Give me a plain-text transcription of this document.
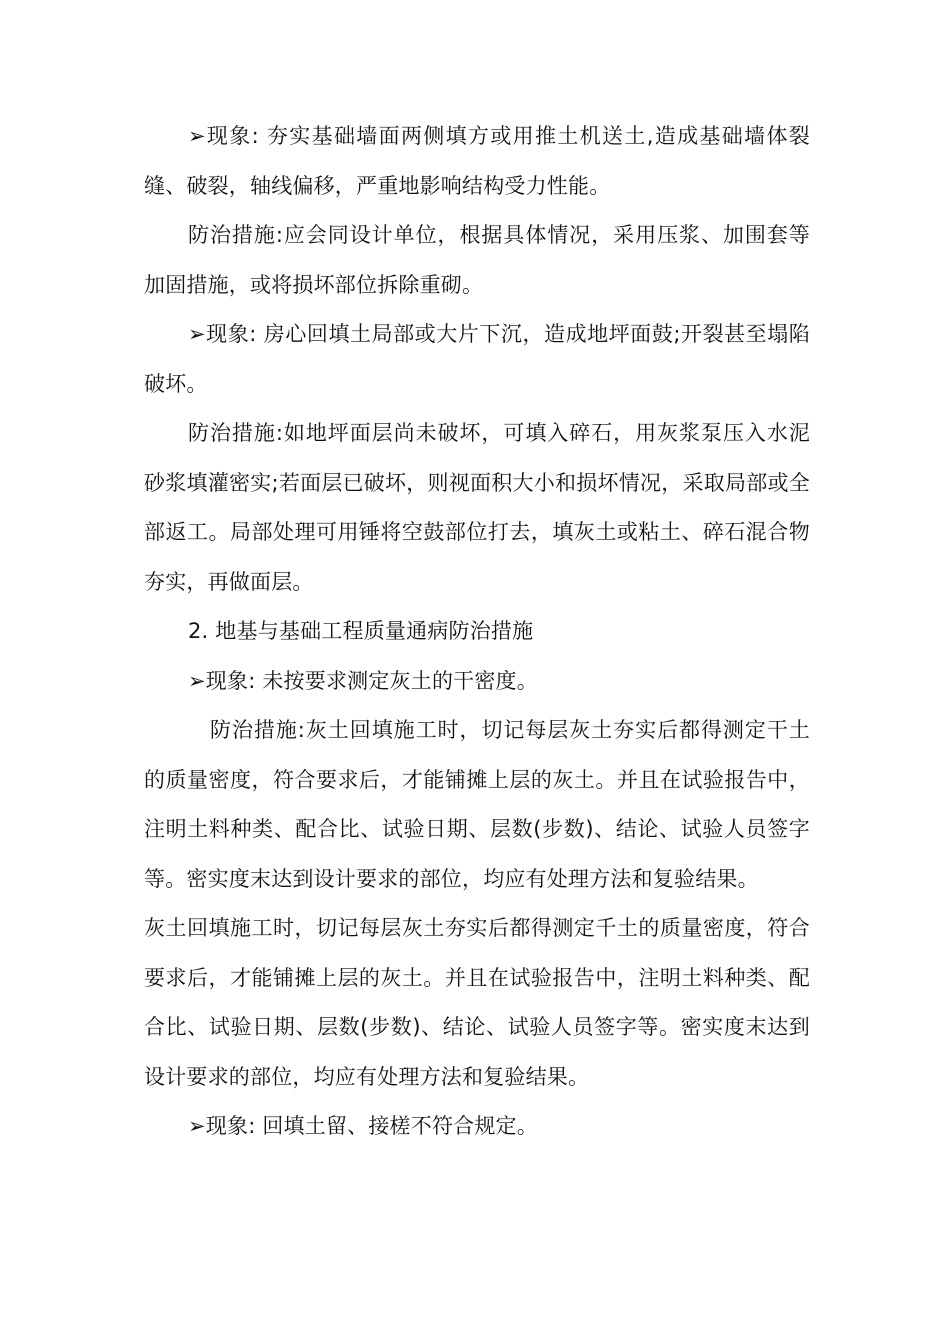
➢现象: 夯实基础墙面两侧填方或用推土机送土,造成基础墙体裂缝、破裂，轴线偏移，严重地影响结构受力性能。

防治措施:应会同设计单位，根据具体情况，采用压浆、加围套等加固措施，或将损坏部位拆除重砌。

➢现象: 房心回填土局部或大片下沉，造成地坪面鼓;开裂甚至塌陷破坏。

防治措施:如地坪面层尚未破坏，可填入碎石，用灰浆泵压入水泥砂浆填灌密实;若面层已破坏，则视面积大小和损坏情况，采取局部或全部返工。局部处理可用锤将空鼓部位打去，填灰土或粘土、碎石混合物夯实，再做面层。

2. 地基与基础工程质量通病防治措施

➢现象: 未按要求测定灰土的干密度。

防治措施:灰土回填施工时，切记每层灰土夯实后都得测定干土的质量密度，符合要求后，才能铺摊上层的灰土。并且在试验报告中，注明土料种类、配合比、试验日期、层数(步数)、结论、试验人员签字等。密实度末达到设计要求的部位，均应有处理方法和复验结果。

灰土回填施工时，切记每层灰土夯实后都得测定千土的质量密度，符合要求后，才能铺摊上层的灰土。并且在试验报告中，注明土料种类、配合比、试验日期、层数(步数)、结论、试验人员签字等。密实度末达到设计要求的部位，均应有处理方法和复验结果。

➢现象: 回填土留、接槎不符合规定。
